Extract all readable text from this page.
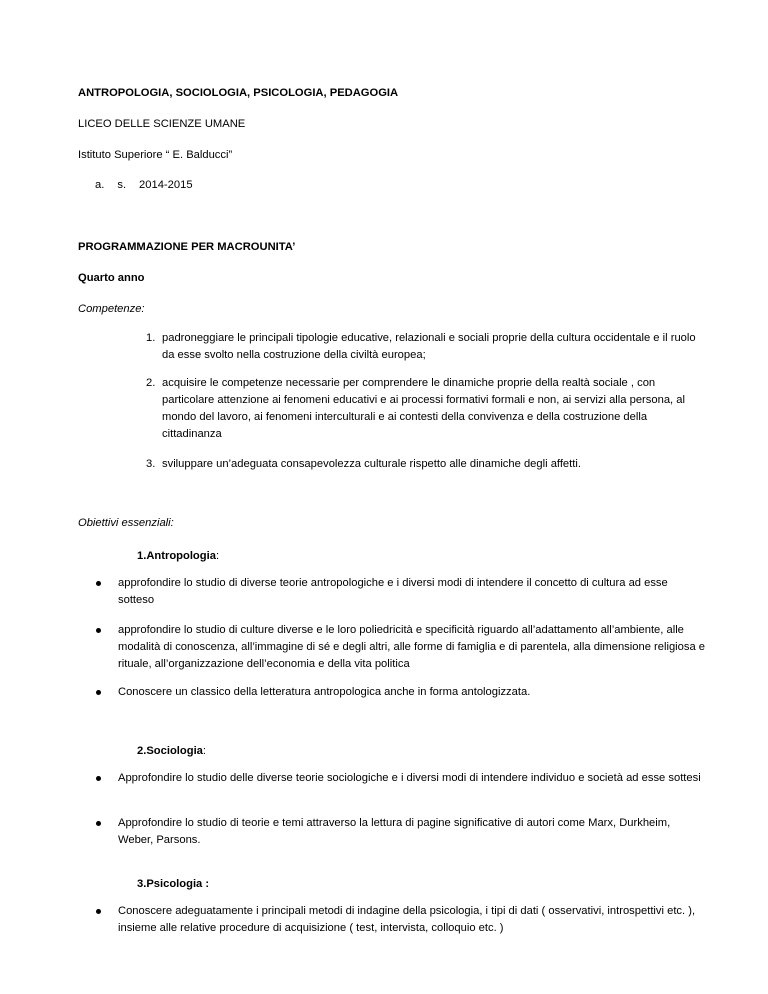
ANTROPOLOGIA, SOCIOLOGIA, PSICOLOGIA, PEDAGOGIA
LICEO DELLE SCIENZE UMANE
Istituto Superiore “ E. Balducci”
a. s. 2014-2015
PROGRAMMAZIONE PER MACROUNITA’
Quarto anno
Competenze:
1. padroneggiare le principali tipologie educative, relazionali e sociali proprie della cultura occidentale e il ruolo da esse svolto nella costruzione della civiltà europea;
2. acquisire le competenze necessarie per comprendere le dinamiche proprie della realtà sociale , con particolare attenzione ai fenomeni educativi e ai processi formativi formali e non, ai servizi alla persona, al mondo del lavoro, ai fenomeni interculturali e ai contesti della convivenza e della costruzione della cittadinanza
3. sviluppare un’adeguata consapevolezza culturale rispetto alle dinamiche degli affetti.
Obiettivi essenziali:
1.Antropologia:
approfondire lo studio di diverse teorie antropologiche e i diversi modi di intendere il concetto di cultura ad esse sotteso
approfondire lo studio di culture diverse e le loro poliedricità e specificità riguardo all’adattamento all’ambiente, alle modalità di conoscenza, all’immagine di sé e degli altri, alle forme di famiglia e di parentela, alla dimensione religiosa e rituale, all’organizzazione dell’economia e della vita politica
Conoscere un classico della letteratura antropologica anche in forma antologizzata.
2.Sociologia:
Approfondire lo studio delle diverse teorie sociologiche e i diversi modi di intendere individuo e società ad esse sottesi
Approfondire lo studio di teorie e temi attraverso la lettura di pagine significative di autori come Marx, Durkheim, Weber, Parsons.
3.Psicologia :
Conoscere adeguatamente i principali metodi di indagine della psicologia, i tipi di dati ( osservativi, introspettivi etc. ), insieme alle relative procedure di acquisizione ( test, intervista, colloquio etc. )
